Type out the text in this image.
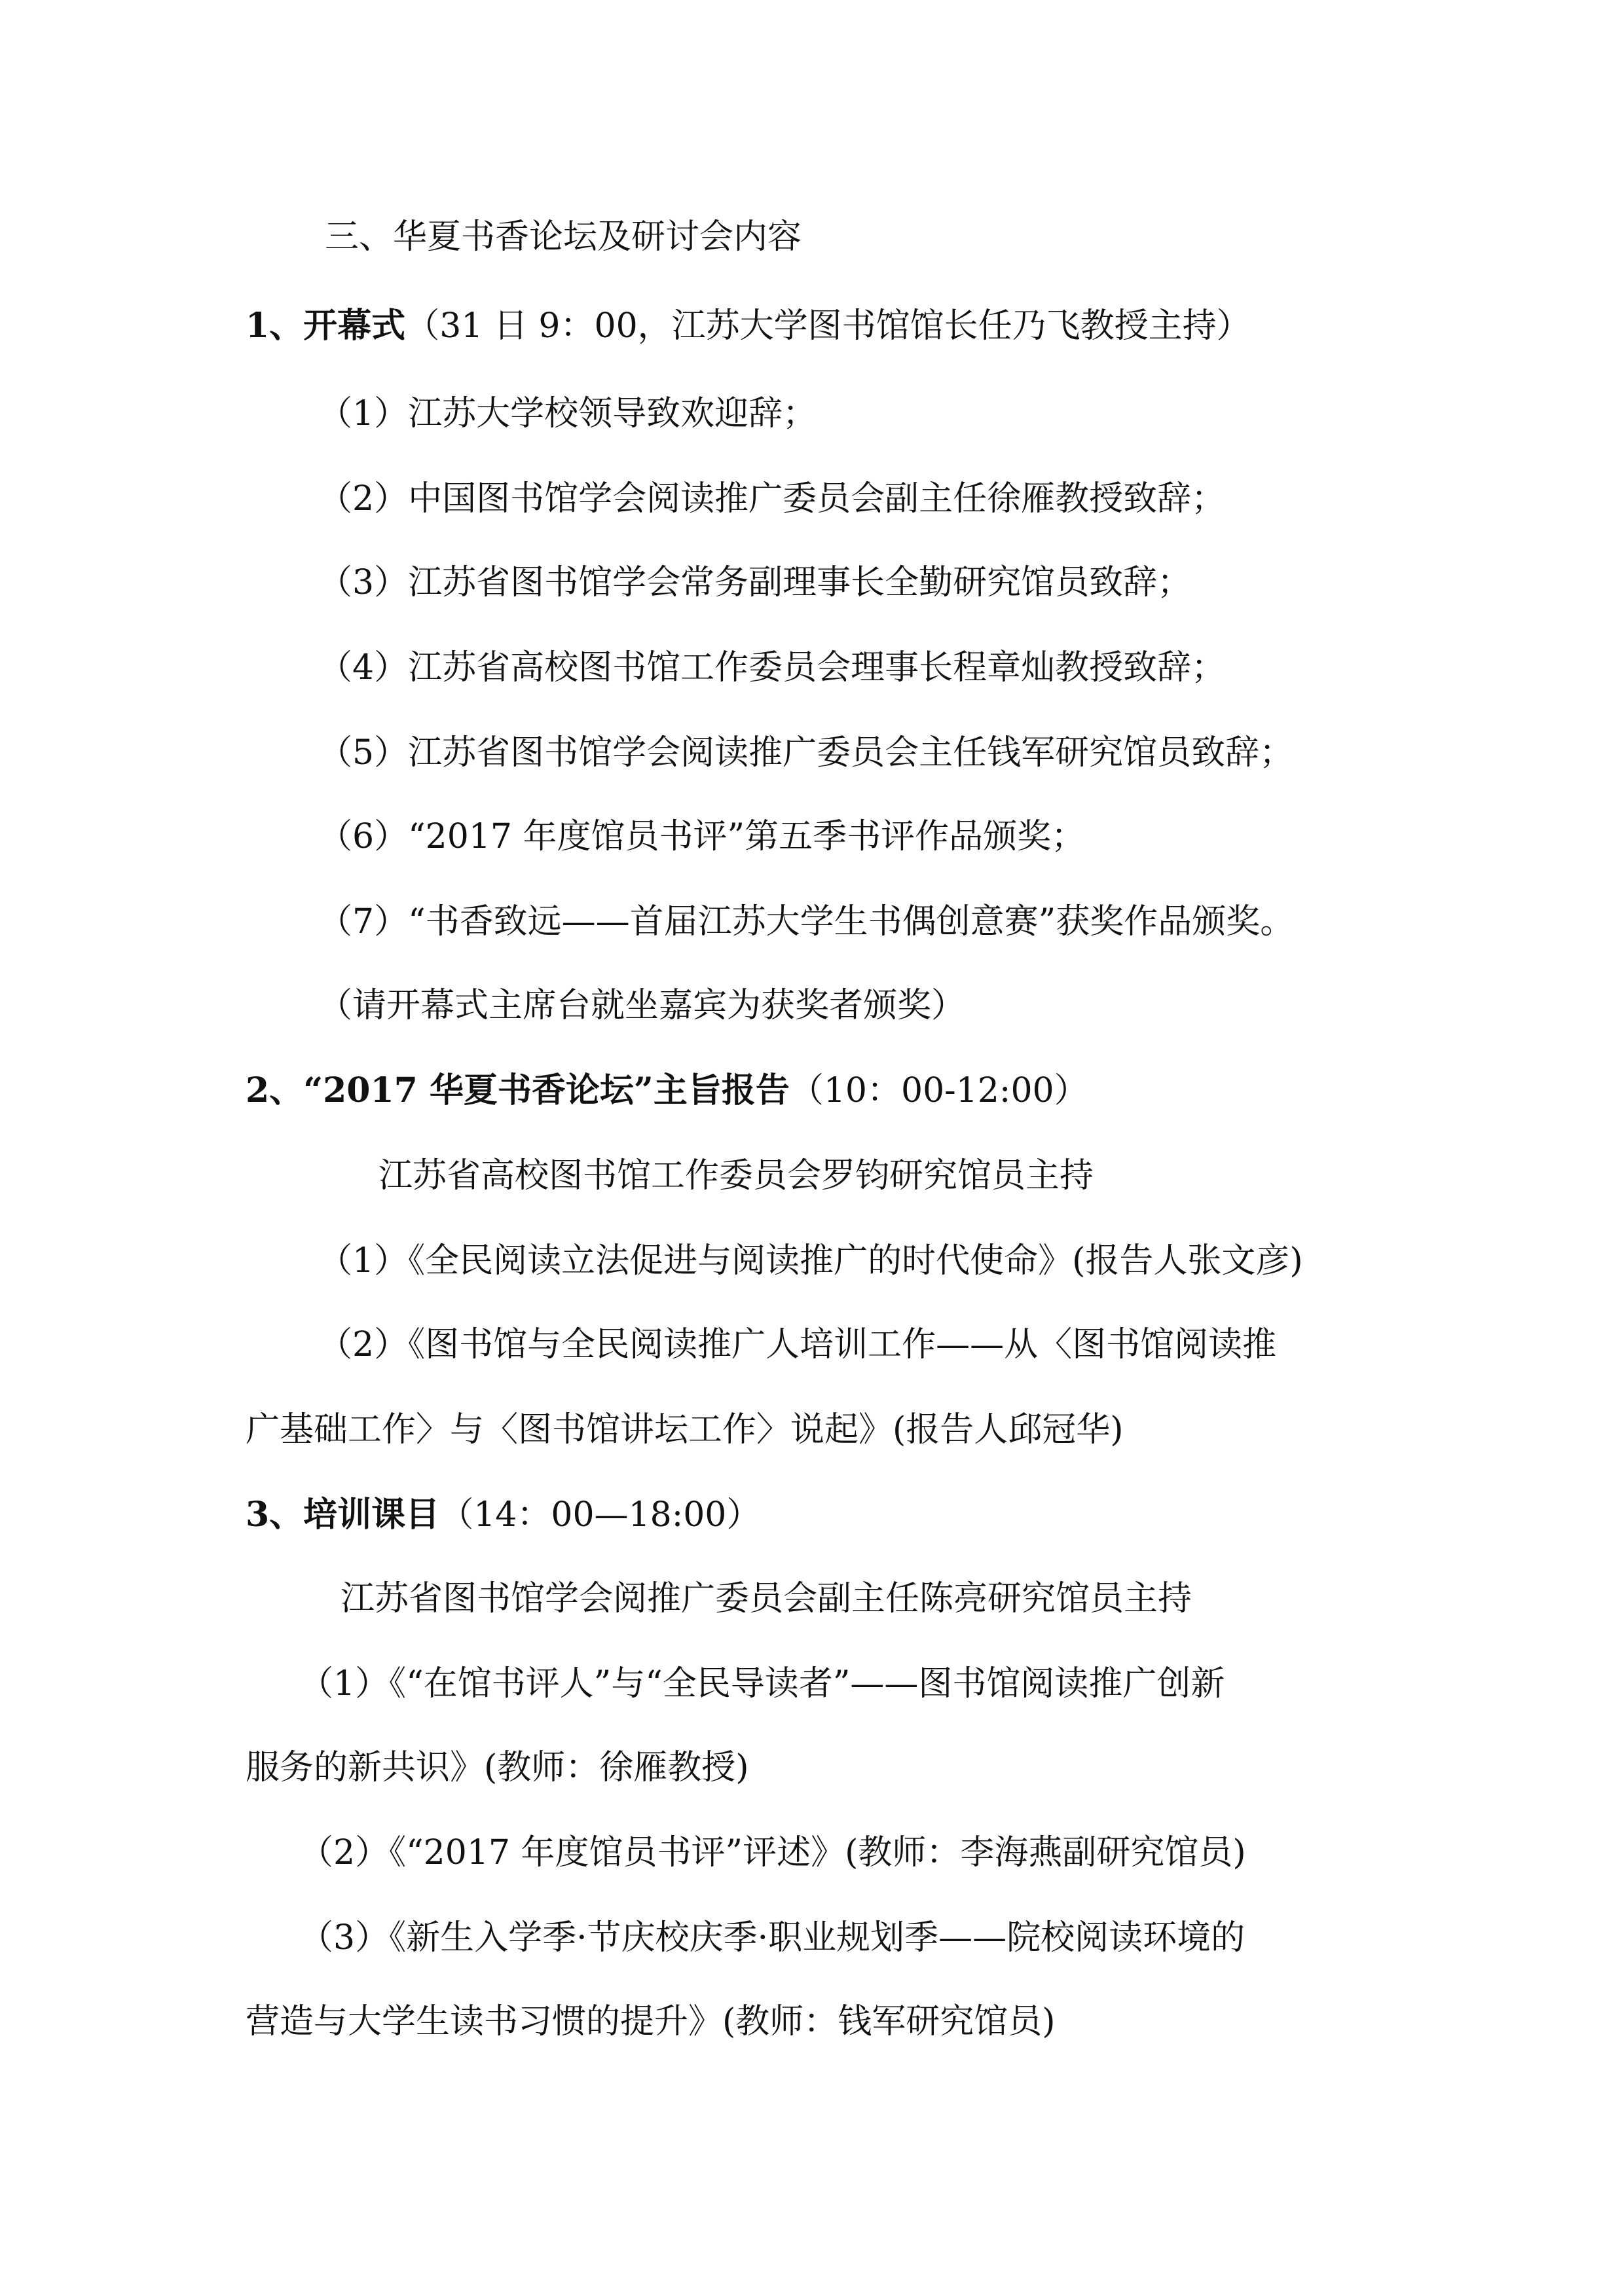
三、华夏书香论坛及研讨会内容

1、开幕式（31 日 9：00，江苏大学图书馆馆长任乃飞教授主持）

（1）江苏大学校领导致欢迎辞；

（2）中国图书馆学会阅读推广委员会副主任徐雁教授致辞；

（3）江苏省图书馆学会常务副理事长全勤研究馆员致辞；

（4）江苏省高校图书馆工作委员会理事长程章灿教授致辞；

（5）江苏省图书馆学会阅读推广委员会主任钱军研究馆员致辞；

（6）“2017 年度馆员书评”第五季书评作品颁奖；

（7）“书香致远——首届江苏大学生书偶创意赛”获奖作品颁奖。

（请开幕式主席台就坐嘉宾为获奖者颁奖）

2、“2017 华夏书香论坛”主旨报告（10：00-12:00）

江苏省高校图书馆工作委员会罗钧研究馆员主持

（1）《全民阅读立法促进与阅读推广的时代使命》(报告人张文彦)

（2）《图书馆与全民阅读推广人培训工作——从〈图书馆阅读推

广基础工作〉与〈图书馆讲坛工作〉说起》(报告人邱冠华)

3、培训课目（14：00—18:00）

江苏省图书馆学会阅推广委员会副主任陈亮研究馆员主持

（1）《“在馆书评人”与“全民导读者”——图书馆阅读推广创新

服务的新共识》(教师：徐雁教授)

（2）《“2017 年度馆员书评”评述》(教师：李海燕副研究馆员)

（3）《新生入学季·节庆校庆季·职业规划季——院校阅读环境的

营造与大学生读书习惯的提升》(教师：钱军研究馆员)
